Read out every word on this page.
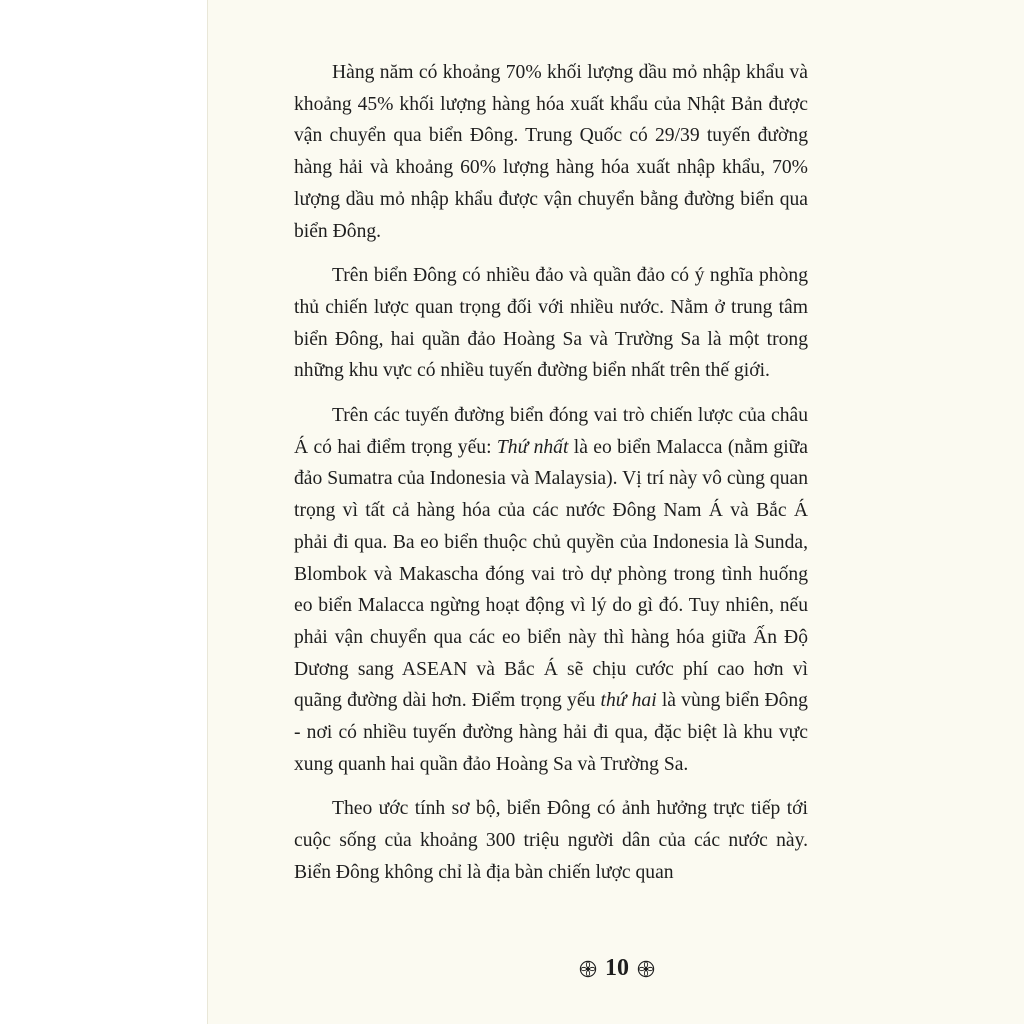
Hàng năm có khoảng 70% khối lượng dầu mỏ nhập khẩu và khoảng 45% khối lượng hàng hóa xuất khẩu của Nhật Bản được vận chuyển qua biển Đông. Trung Quốc có 29/39 tuyến đường hàng hải và khoảng 60% lượng hàng hóa xuất nhập khẩu, 70% lượng dầu mỏ nhập khẩu được vận chuyển bằng đường biển qua biển Đông.

Trên biển Đông có nhiều đảo và quần đảo có ý nghĩa phòng thủ chiến lược quan trọng đối với nhiều nước. Nằm ở trung tâm biển Đông, hai quần đảo Hoàng Sa và Trường Sa là một trong những khu vực có nhiều tuyến đường biển nhất trên thế giới.

Trên các tuyến đường biển đóng vai trò chiến lược của châu Á có hai điểm trọng yếu: Thứ nhất là eo biển Malacca (nằm giữa đảo Sumatra của Indonesia và Malaysia). Vị trí này vô cùng quan trọng vì tất cả hàng hóa của các nước Đông Nam Á và Bắc Á phải đi qua. Ba eo biển thuộc chủ quyền của Indonesia là Sunda, Blombok và Makascha đóng vai trò dự phòng trong tình huống eo biển Malacca ngừng hoạt động vì lý do gì đó. Tuy nhiên, nếu phải vận chuyển qua các eo biển này thì hàng hóa giữa Ấn Độ Dương sang ASEAN và Bắc Á sẽ chịu cước phí cao hơn vì quãng đường dài hơn. Điểm trọng yếu thứ hai là vùng biển Đông - nơi có nhiều tuyến đường hàng hải đi qua, đặc biệt là khu vực xung quanh hai quần đảo Hoàng Sa và Trường Sa.

Theo ước tính sơ bộ, biển Đông có ảnh hưởng trực tiếp tới cuộc sống của khoảng 300 triệu người dân của các nước này. Biển Đông không chỉ là địa bàn chiến lược quan

10
